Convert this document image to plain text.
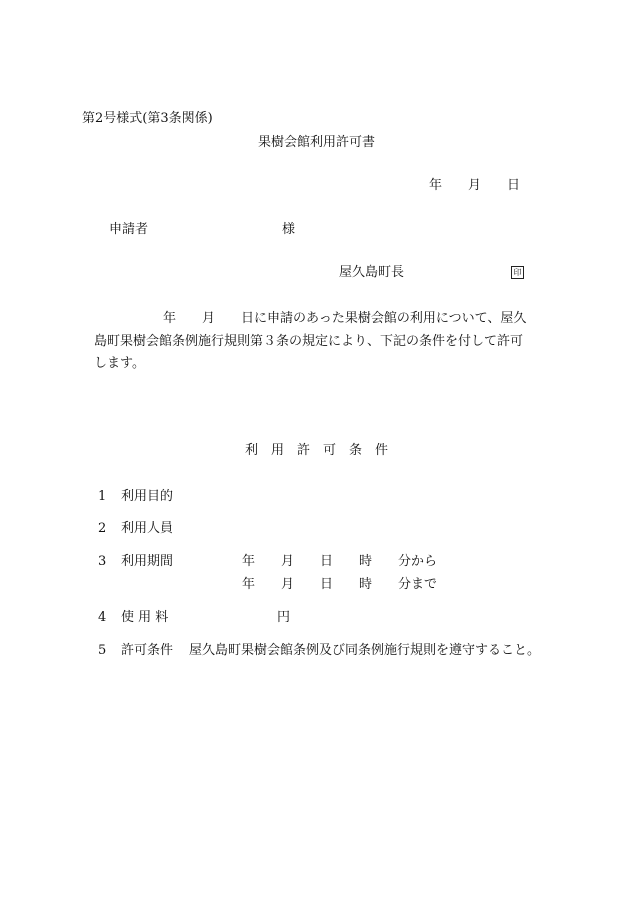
第2号様式(第3条関係)
果樹会館利用許可書
年　　月　　日
申請者	様
屋久島町長	印
年　　月　　日に申請のあった果樹会館の利用について、屋久
島町果樹会館条例施行規則第３条の規定により、下記の条件を付して許可
します。
利　用　許　可　条　件
1 利用目的
2 利用人員
3 利用期間	年　　月　　日　　時　　分から
年　　月　　日　　時　　分まで
4 使 用 料	円
5 許可条件 屋久島町果樹会館条例及び同条例施行規則を遵守すること。
